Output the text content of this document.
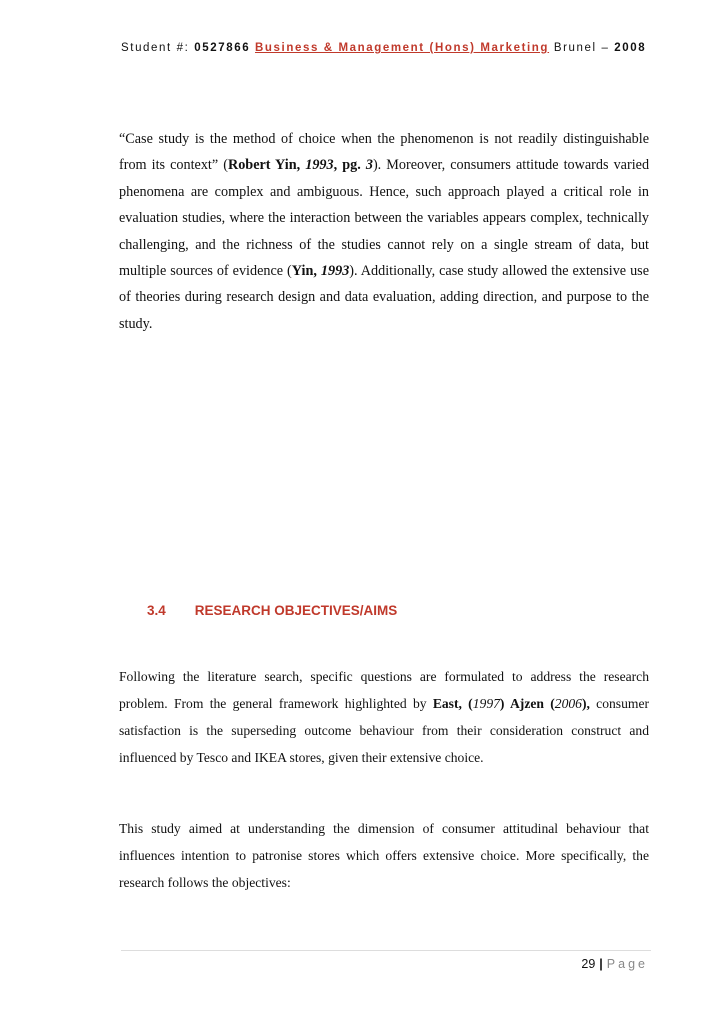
Student #: 0527866 Business & Management (Hons) Marketing Brunel – 2008
“Case study is the method of choice when the phenomenon is not readily distinguishable from its context” (Robert Yin, 1993, pg. 3). Moreover, consumers attitude towards varied phenomena are complex and ambiguous. Hence, such approach played a critical role in evaluation studies, where the interaction between the variables appears complex, technically challenging, and the richness of the studies cannot rely on a single stream of data, but multiple sources of evidence (Yin, 1993). Additionally, case study allowed the extensive use of theories during research design and data evaluation, adding direction, and purpose to the study.
3.4 RESEARCH OBJECTIVES/AIMS
Following the literature search, specific questions are formulated to address the research problem. From the general framework highlighted by East, (1997) Ajzen (2006), consumer satisfaction is the superseding outcome behaviour from their consideration construct and influenced by Tesco and IKEA stores, given their extensive choice.
This study aimed at understanding the dimension of consumer attitudinal behaviour that influences intention to patronise stores which offers extensive choice. More specifically, the research follows the objectives:
29 | Page
